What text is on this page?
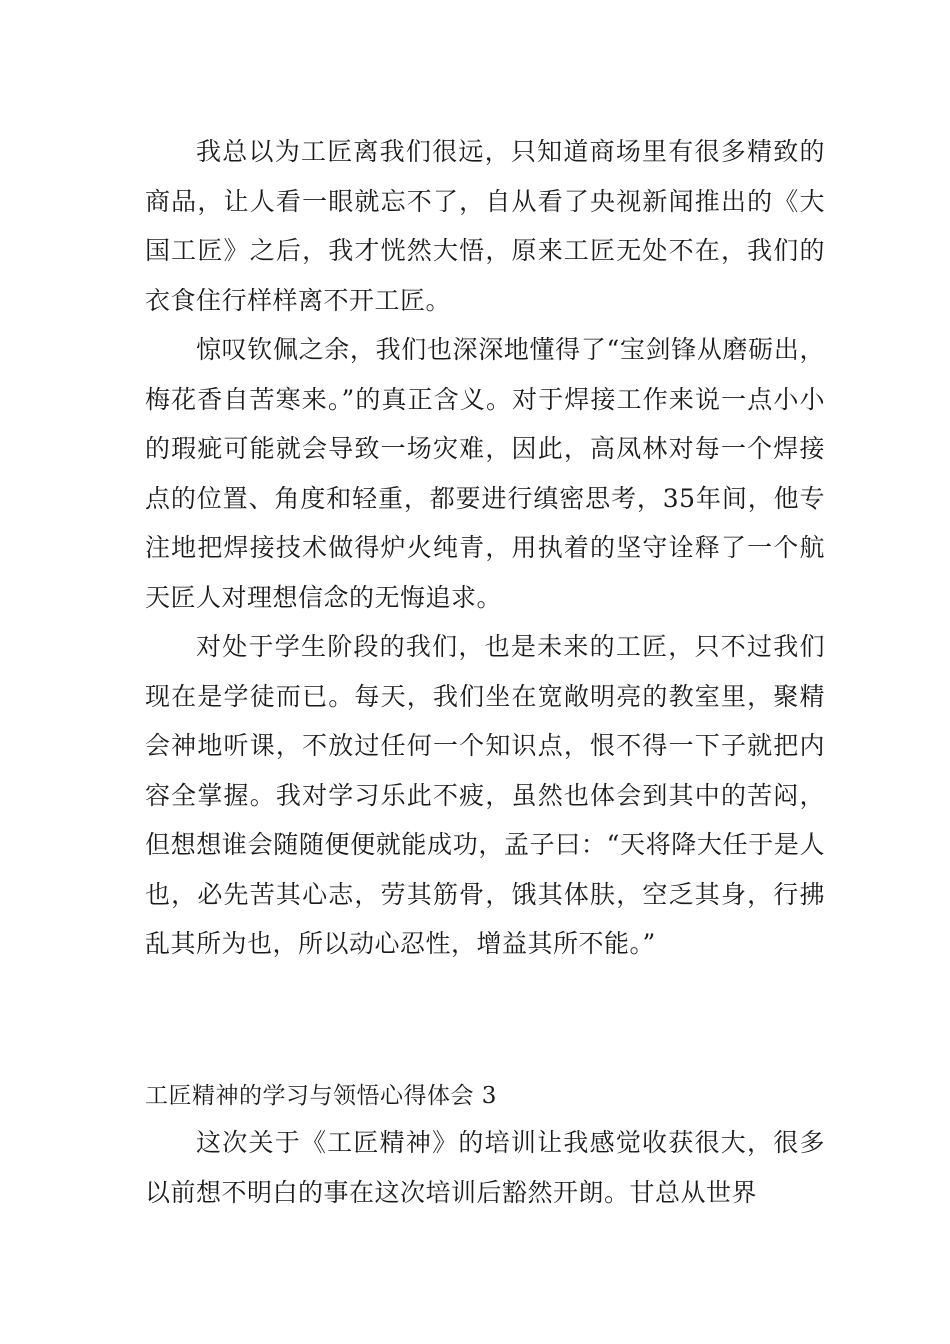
我总以为工匠离我们很远，只知道商场里有很多精致的商品，让人看一眼就忘不了，自从看了央视新闻推出的《大国工匠》之后，我才恍然大悟，原来工匠无处不在，我们的衣食住行样样离不开工匠。

惊叹钦佩之余，我们也深深地懂得了“宝剑锋从磨砺出，梅花香自苦寒来。”的真正含义。对于焊接工作来说一点小小的瑕疵可能就会导致一场灾难，因此，高凤林对每一个焊接点的位置、角度和轻重，都要进行缜密思考，35年间，他专注地把焊接技术做得炉火纯青，用执着的坚守诠释了一个航天匠人对理想信念的无悔追求。

对处于学生阶段的我们，也是未来的工匠，只不过我们现在是学徒而已。每天，我们坐在宽敞明亮的教室里，聚精会神地听课，不放过任何一个知识点，恨不得一下子就把内容全掌握。我对学习乐此不疲，虽然也体会到其中的苦闷，但想想谁会随随便便就能成功，孟子曰：“天将降大任于是人也，必先苦其心志，劳其筋骨，饿其体肤，空乏其身，行拂乱其所为也，所以动心忍性，增益其所不能。”

工匠精神的学习与领悟心得体会 3

这次关于《工匠精神》的培训让我感觉收获很大，很多以前想不明白的事在这次培训后豁然开朗。甘总从世界
